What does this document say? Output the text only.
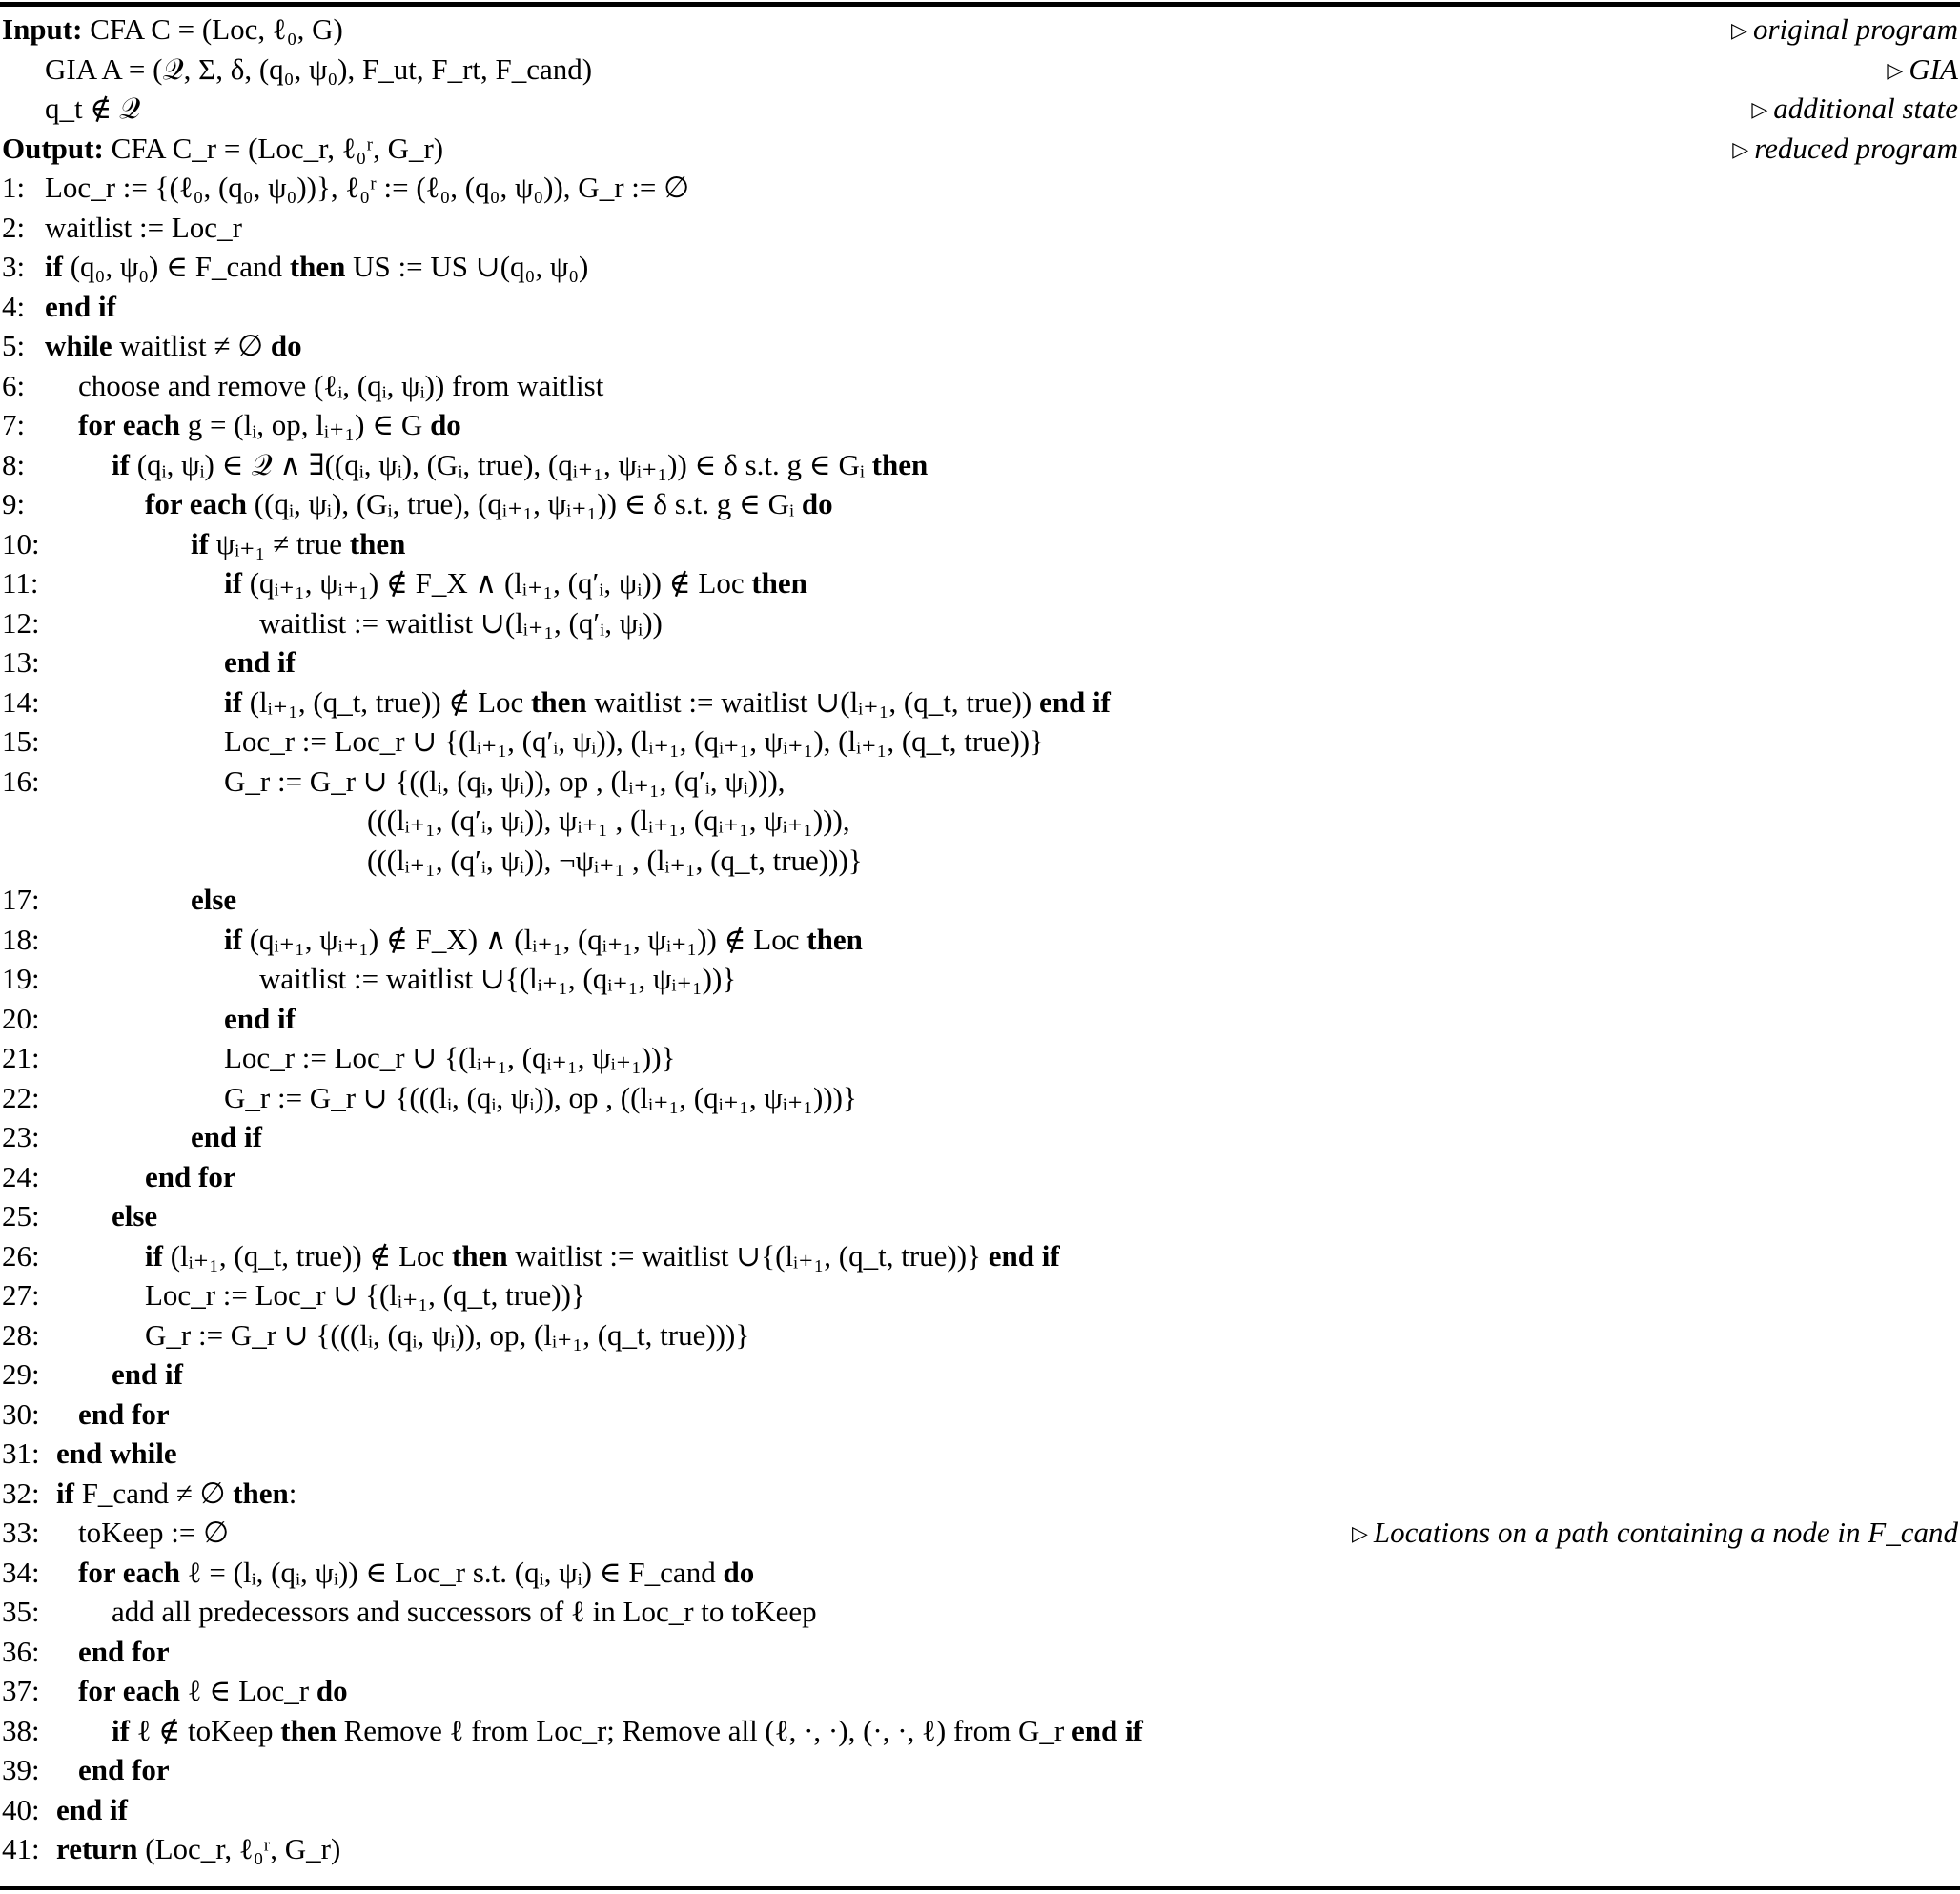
Input: CFA C = (Loc, ℓ₀, G)	▷ original program
GIA A = (𝒬, Σ, δ, (q₀, ψ₀), F_ut, F_rt, F_cand)	▷ GIA
q_t ∉ 𝒬	▷ additional state
Output: CFA C_r = (Loc_r, ℓ₀ʳ, G_r)	▷ reduced program
1: Loc_r := {(ℓ₀, (q₀, ψ₀))}, ℓ₀ʳ := (ℓ₀, (q₀, ψ₀)), G_r := ∅
2: waitlist := Loc_r
3: if (q₀, ψ₀) ∈ F_cand then US := US ∪(q₀, ψ₀)
4: end if
5: while waitlist ≠ ∅ do
6: choose and remove (ℓᵢ, (qᵢ, ψᵢ)) from waitlist
7: for each g = (lᵢ, op, lᵢ₊₁) ∈ G do
8:	if (qᵢ, ψᵢ) ∈ 𝒬 ∧ ∃((qᵢ, ψᵢ), (Gᵢ, true), (qᵢ₊₁, ψᵢ₊₁)) ∈ δ s.t. g ∈ Gᵢ then
9:	for each ((qᵢ, ψᵢ), (Gᵢ, true), (qᵢ₊₁, ψᵢ₊₁)) ∈ δ s.t. g ∈ Gᵢ do
10:	if ψᵢ₊₁ ≠ true then
11:	if (qᵢ₊₁, ψᵢ₊₁) ∉ F_X ∧ (lᵢ₊₁, (q′ᵢ, ψᵢ)) ∉ Loc then
12:	waitlist := waitlist ∪(lᵢ₊₁, (q′ᵢ, ψᵢ))
13:	end if
14:	if (lᵢ₊₁, (q_t, true)) ∉ Loc then waitlist := waitlist ∪(lᵢ₊₁, (q_t, true)) end if
15:	Loc_r := Loc_r ∪ {(lᵢ₊₁, (q′ᵢ, ψᵢ)), (lᵢ₊₁, (qᵢ₊₁, ψᵢ₊₁), (lᵢ₊₁, (q_t, true))}
16:	G_r := G_r ∪ {((lᵢ, (qᵢ, ψᵢ)), op , (lᵢ₊₁, (q′ᵢ, ψᵢ))),
(((lᵢ₊₁, (q′ᵢ, ψᵢ)), ψᵢ₊₁ , (lᵢ₊₁, (qᵢ₊₁, ψᵢ₊₁))),
(((lᵢ₊₁, (q′ᵢ, ψᵢ)), ¬ψᵢ₊₁ , (lᵢ₊₁, (q_t, true)))}
17:	else
18:	if (qᵢ₊₁, ψᵢ₊₁) ∉ F_X) ∧ (lᵢ₊₁, (qᵢ₊₁, ψᵢ₊₁)) ∉ Loc then
19:	waitlist := waitlist ∪{(lᵢ₊₁, (qᵢ₊₁, ψᵢ₊₁))}
20:	end if
21:	Loc_r := Loc_r ∪ {(lᵢ₊₁, (qᵢ₊₁, ψᵢ₊₁))}
22:	G_r := G_r ∪ {(((lᵢ, (qᵢ, ψᵢ)), op , ((lᵢ₊₁, (qᵢ₊₁, ψᵢ₊₁)))}
23:	end if
24:	end for
25: else
26:	if (lᵢ₊₁, (q_t, true)) ∉ Loc then waitlist := waitlist ∪{(lᵢ₊₁, (q_t, true))} end if
27:	Loc_r := Loc_r ∪ {(lᵢ₊₁, (q_t, true))}
28:	G_r := G_r ∪ {(((lᵢ, (qᵢ, ψᵢ)), op, (lᵢ₊₁, (q_t, true)))}
29: end if
30: end for
31: end while
32: if F_cand ≠ ∅ then:
33: toKeep := ∅	▷ Locations on a path containing a node in F_cand
34: for each ℓ = (lᵢ, (qᵢ, ψᵢ)) ∈ Loc_r s.t. (qᵢ, ψᵢ) ∈ F_cand do
35: add all predecessors and successors of ℓ in Loc_r to toKeep
36: end for
37: for each ℓ ∈ Loc_r do
38: if ℓ ∉ toKeep then Remove ℓ from Loc_r; Remove all (ℓ, ·, ·), (·, ·, ℓ) from G_r end if
39: end for
40: end if
41: return (Loc_r, ℓ₀ʳ, G_r)
